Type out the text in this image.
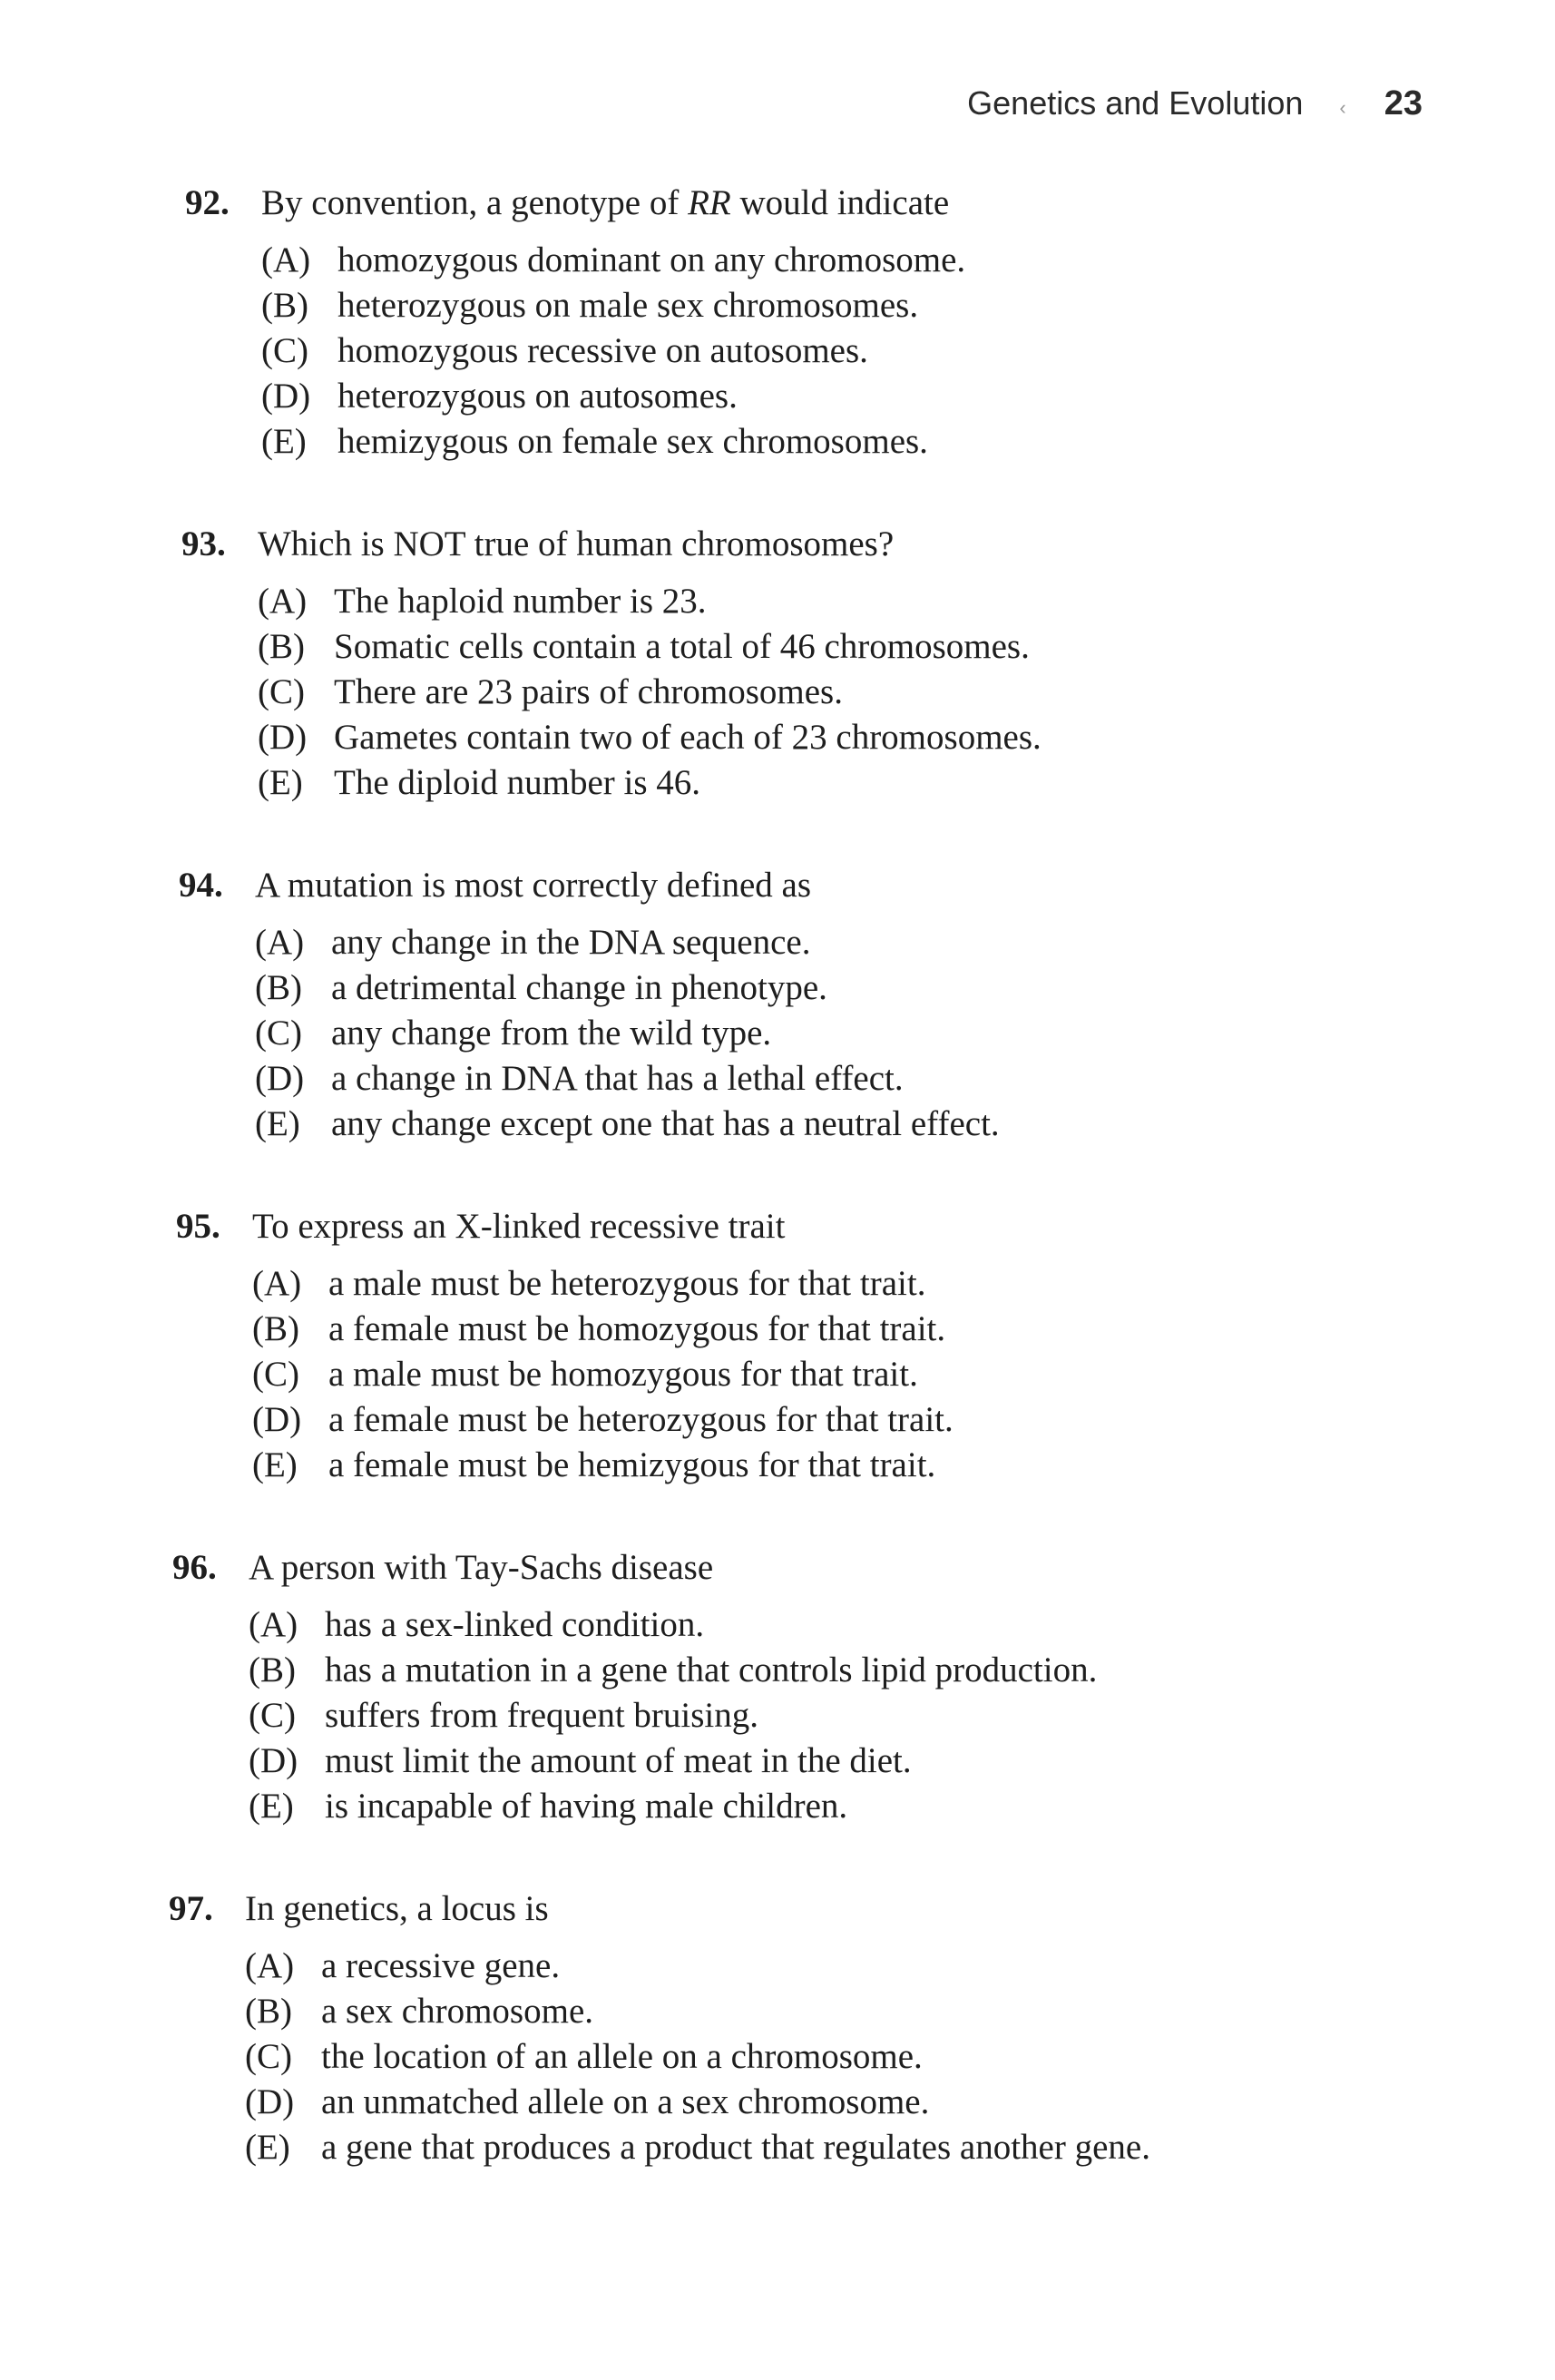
Genetics and Evolution ‹ 23
92. By convention, a genotype of RR would indicate
(A) homozygous dominant on any chromosome.
(B) heterozygous on male sex chromosomes.
(C) homozygous recessive on autosomes.
(D) heterozygous on autosomes.
(E) hemizygous on female sex chromosomes.
93. Which is NOT true of human chromosomes?
(A) The haploid number is 23.
(B) Somatic cells contain a total of 46 chromosomes.
(C) There are 23 pairs of chromosomes.
(D) Gametes contain two of each of 23 chromosomes.
(E) The diploid number is 46.
94. A mutation is most correctly defined as
(A) any change in the DNA sequence.
(B) a detrimental change in phenotype.
(C) any change from the wild type.
(D) a change in DNA that has a lethal effect.
(E) any change except one that has a neutral effect.
95. To express an X-linked recessive trait
(A) a male must be heterozygous for that trait.
(B) a female must be homozygous for that trait.
(C) a male must be homozygous for that trait.
(D) a female must be heterozygous for that trait.
(E) a female must be hemizygous for that trait.
96. A person with Tay-Sachs disease
(A) has a sex-linked condition.
(B) has a mutation in a gene that controls lipid production.
(C) suffers from frequent bruising.
(D) must limit the amount of meat in the diet.
(E) is incapable of having male children.
97. In genetics, a locus is
(A) a recessive gene.
(B) a sex chromosome.
(C) the location of an allele on a chromosome.
(D) an unmatched allele on a sex chromosome.
(E) a gene that produces a product that regulates another gene.
